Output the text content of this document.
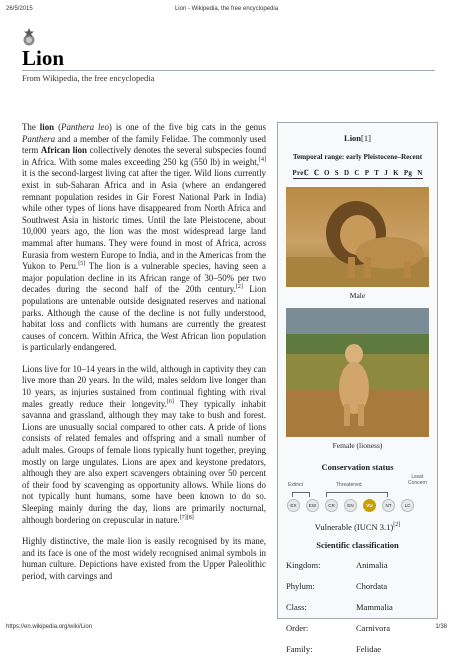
26/5/2015	Lion - Wikipedia, the free encyclopedia
Lion
From Wikipedia, the free encyclopedia

The lion (Panthera leo) is one of the five big cats in the genus Panthera and a member of the family Felidae. The commonly used term African lion collectively denotes the several subspecies found in Africa. With some males exceeding 250 kg (550 lb) in weight,[4] it is the second-largest living cat after the tiger. Wild lions currently exist in sub-Saharan Africa and in Asia (where an endangered remnant population resides in Gir Forest National Park in India) while other types of lions have disappeared from North Africa and Southwest Asia in historic times. Until the late Pleistocene, about 10,000 years ago, the lion was the most widespread large land mammal after humans. They were found in most of Africa, across Eurasia from western Europe to India, and in the Americas from the Yukon to Peru.[5] The lion is a vulnerable species, having seen a major population decline in its African range of 30–50% per two decades during the second half of the 20th century.[2] Lion populations are untenable outside designated reserves and national parks. Although the cause of the decline is not fully understood, habitat loss and conflicts with humans are currently the greatest causes of concern. Within Africa, the West African lion population is particularly endangered.

Lions live for 10–14 years in the wild, although in captivity they can live more than 20 years. In the wild, males seldom live longer than 10 years, as injuries sustained from continual fighting with rival males greatly reduce their longevity.[6] They typically inhabit savanna and grassland, although they may take to bush and forest. Lions are unusually social compared to other cats. A pride of lions consists of related females and offspring and a small number of adult males. Groups of female lions typically hunt together, preying mostly on large ungulates. Lions are apex and keystone predators, although they are also expert scavengers obtaining over 50 percent of their food by scavenging as opportunity allows. While lions do not typically hunt humans, some have been known to do so. Sleeping mainly during the day, lions are primarily nocturnal, although bordering on crepuscular in nature.[7][8]

Highly distinctive, the male lion is easily recognised by its mane, and its face is one of the most widely recognised animal symbols in human culture. Depictions have existed from the Upper Paleolithic period, with carvings and

Lion[1]
Temporal range: early Pleistocene–Recent
Preℂ ℂ O S D C P T J K Pg N
Male
Female (lioness)
Conservation status
Extinct	Threatened
Least
Concern
EX	EW	CR	EN	VU	NT	LC
Vulnerable (IUCN 3.1)[2]
Scientific classification
Kingdom:	Animalia
Phylum:	Chordata
Class:	Mammalia
Order:	Carnivora
Family:	Felidae
https://en.wikipedia.org/wiki/Lion	1/38
